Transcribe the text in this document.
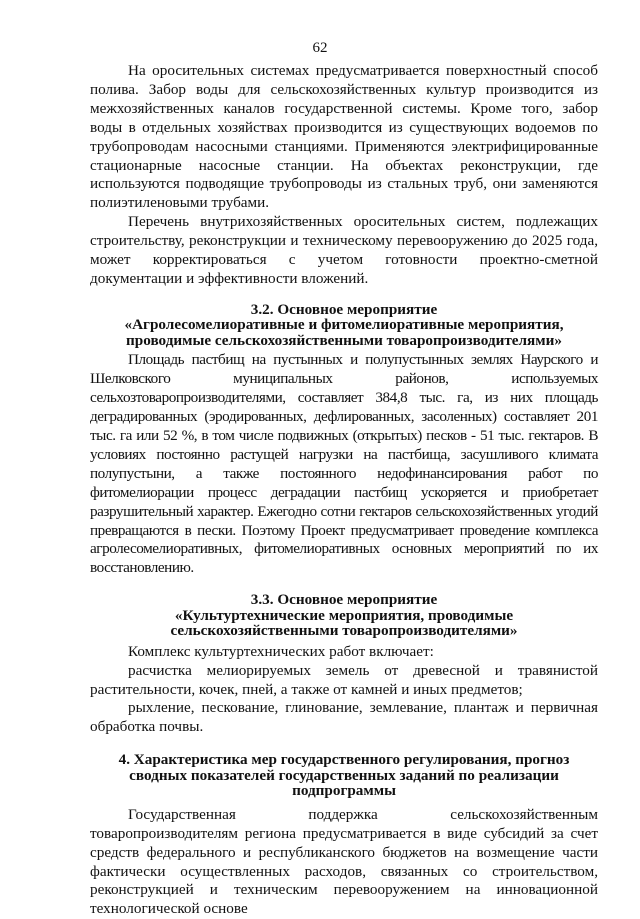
62

На оросительных системах предусматривается поверхностный способ полива. Забор воды для сельскохозяйственных культур производится из межхозяйственных каналов государственной системы. Кроме того, забор воды в отдельных хозяйствах производится из существующих водоемов по трубопроводам насосными станциями. Применяются электрифицированные стационарные насосные станции. На объектах реконструкции, где используются подводящие трубопроводы из стальных труб, они заменяются полиэтиленовыми трубами.

Перечень внутрихозяйственных оросительных систем, подлежащих строительству, реконструкции и техническому перевооружению до 2025 года, может корректироваться с учетом готовности проектно-сметной документации и эффективности вложений.

3.2. Основное мероприятие
«Агролесомелиоративные и фитомелиоративные мероприятия,
проводимые сельскохозяйственными товаропроизводителями»

Площадь пастбищ на пустынных и полупустынных землях Наурского и Шелковского муниципальных районов, используемых сельхозтоваропроизводителями, составляет 384,8 тыс. га, из них площадь деградированных (эродированных, дефлированных, засоленных) составляет 201 тыс. га или 52 %, в том числе подвижных (открытых) песков - 51 тыс. гектаров. В условиях постоянно растущей нагрузки на пастбища, засушливого климата полупустыни, а также постоянного недофинансирования работ по фитомелиорации процесс деградации пастбищ ускоряется и приобретает разрушительный характер. Ежегодно сотни гектаров сельскохозяйственных угодий превращаются в пески. Поэтому Проект предусматривает проведение комплекса агролесомелиоративных, фитомелиоративных основных мероприятий по их восстановлению.

3.3. Основное мероприятие
«Культуртехнические мероприятия, проводимые
сельскохозяйственными товаропроизводителями»

Комплекс культуртехнических работ включает:

расчистка мелиорируемых земель от древесной и травянистой растительности, кочек, пней, а также от камней и иных предметов;

рыхление, пескование, глинование, землевание, плантаж и первичная обработка почвы.

4. Характеристика мер государственного регулирования, прогноз
сводных показателей государственных заданий по реализации
подпрограммы

Государственная поддержка сельскохозяйственным товаропроизводителям региона предусматривается в виде субсидий за счет средств федерального и республиканского бюджетов на возмещение части фактически осуществленных расходов, связанных со строительством, реконструкцией и техническим перевооружением на инновационной технологической основе
